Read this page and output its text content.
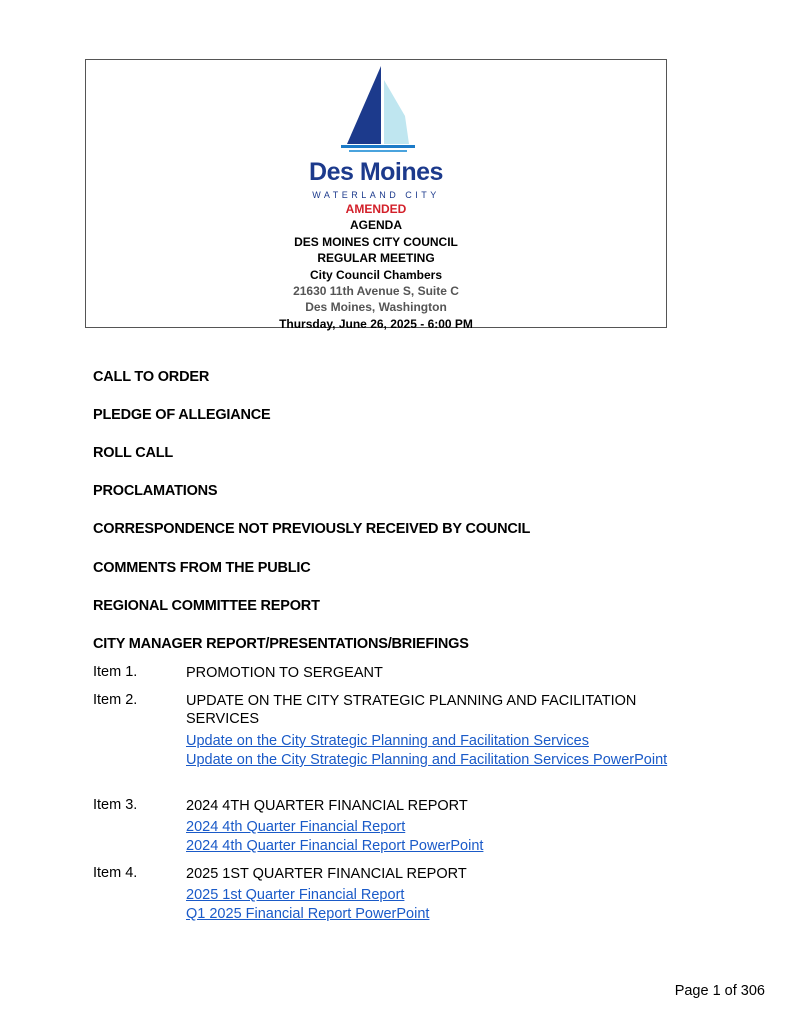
Des Moines
WATERLAND CITY
AMENDED
AGENDA
DES MOINES CITY COUNCIL
REGULAR MEETING
City Council Chambers
21630 11th Avenue S, Suite C
Des Moines, Washington
Thursday, June 26, 2025 - 6:00 PM
CALL TO ORDER
PLEDGE OF ALLEGIANCE
ROLL CALL
PROCLAMATIONS
CORRESPONDENCE NOT PREVIOUSLY RECEIVED BY COUNCIL
COMMENTS FROM THE PUBLIC
REGIONAL COMMITTEE REPORT
CITY MANAGER REPORT/PRESENTATIONS/BRIEFINGS
Item 1.	PROMOTION TO SERGEANT
Item 2.	UPDATE ON THE CITY STRATEGIC PLANNING AND FACILITATION SERVICES
Update on the City Strategic Planning and Facilitation Services
Update on the City Strategic Planning and Facilitation Services PowerPoint
Item 3.	2024 4TH QUARTER FINANCIAL REPORT
2024 4th Quarter Financial Report
2024 4th Quarter Financial Report PowerPoint
Item 4.	2025 1ST QUARTER FINANCIAL REPORT
2025 1st Quarter Financial Report
Q1 2025 Financial Report PowerPoint
Page 1 of 306
